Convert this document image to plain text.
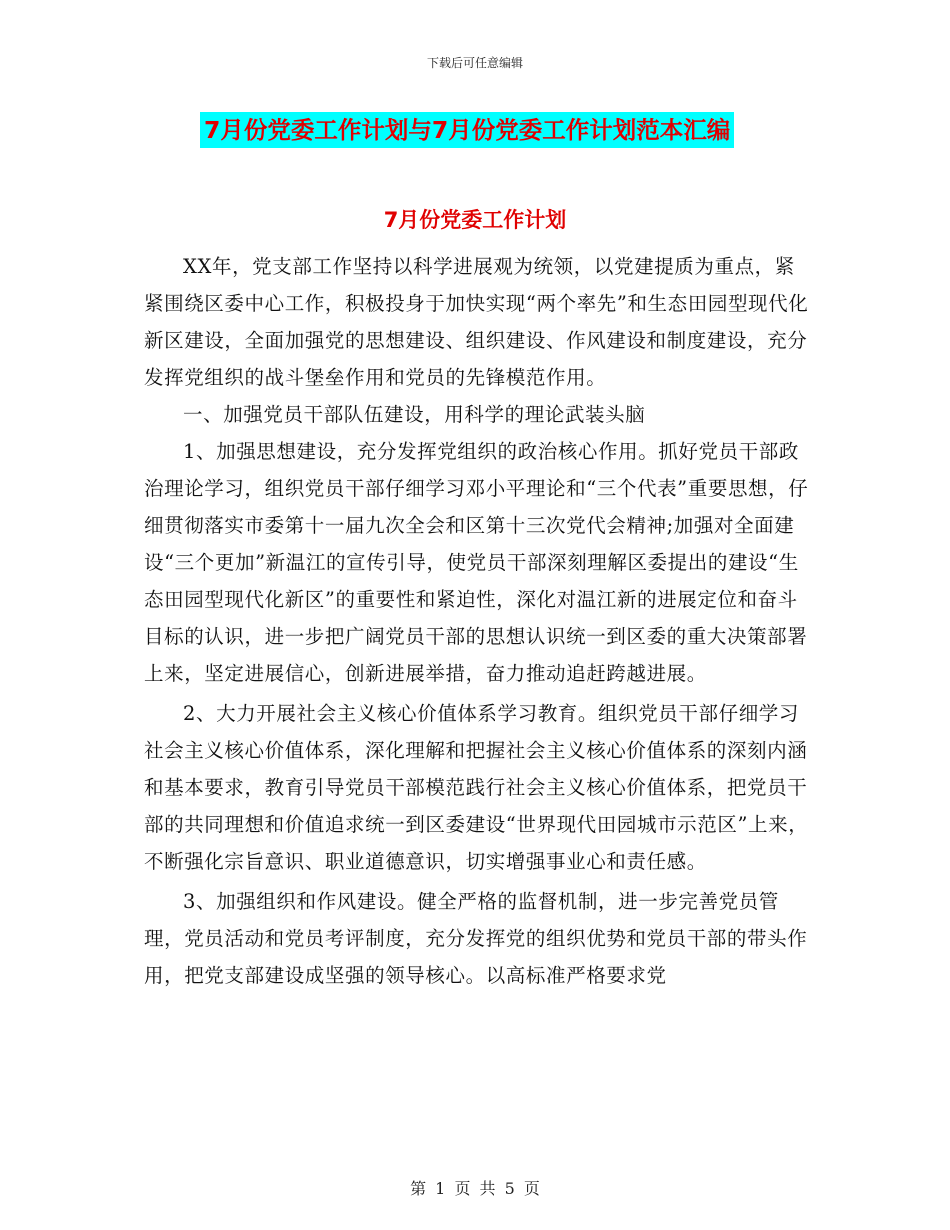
下载后可任意编辑
7月份党委工作计划与7月份党委工作计划范本汇编
7月份党委工作计划

XX年，党支部工作坚持以科学进展观为统领，以党建提质为重点，紧紧围绕区委中心工作，积极投身于加快实现“两个率先”和生态田园型现代化新区建设，全面加强党的思想建设、组织建设、作风建设和制度建设，充分发挥党组织的战斗堡垒作用和党员的先锋模范作用。

一、加强党员干部队伍建设，用科学的理论武装头脑

1、加强思想建设，充分发挥党组织的政治核心作用。抓好党员干部政治理论学习，组织党员干部仔细学习邓小平理论和“三个代表”重要思想，仔细贯彻落实市委第十一届九次全会和区第十三次党代会精神;加强对全面建设“三个更加”新温江的宣传引导，使党员干部深刻理解区委提出的建设“生态田园型现代化新区”的重要性和紧迫性，深化对温江新的进展定位和奋斗目标的认识，进一步把广阔党员干部的思想认识统一到区委的重大决策部署上来，坚定进展信心，创新进展举措，奋力推动追赶跨越进展。

2、大力开展社会主义核心价值体系学习教育。组织党员干部仔细学习社会主义核心价值体系，深化理解和把握社会主义核心价值体系的深刻内涵和基本要求，教育引导党员干部模范践行社会主义核心价值体系，把党员干部的共同理想和价值追求统一到区委建设“世界现代田园城市示范区”上来，不断强化宗旨意识、职业道德意识，切实增强事业心和责任感。

3、加强组织和作风建设。健全严格的监督机制，进一步完善党员管理，党员活动和党员考评制度，充分发挥党的组织优势和党员干部的带头作用，把党支部建设成坚强的领导核心。以高标准严格要求党

第 1 页 共 5 页
